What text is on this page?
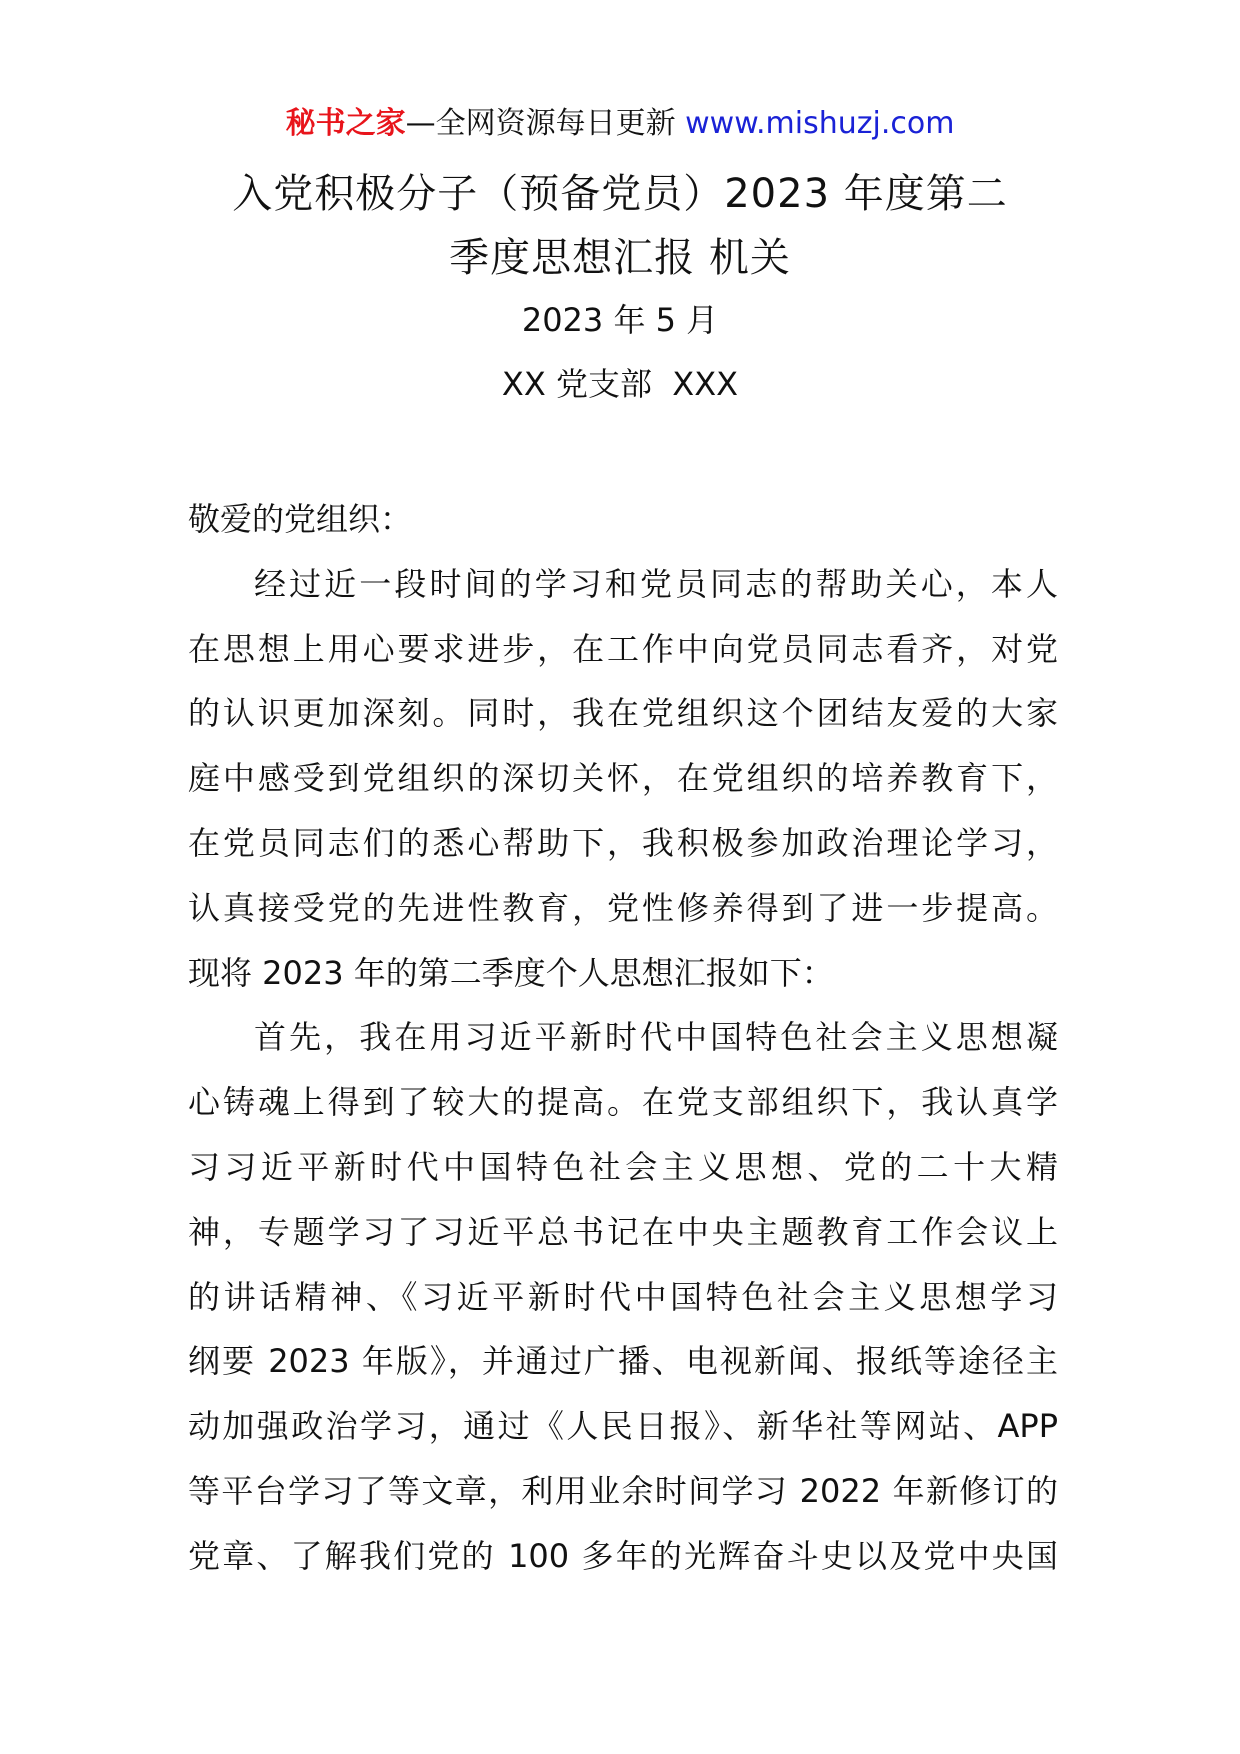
秘书之家—全网资源每日更新 www.mishuzj.com
入党积极分子（预备党员）2023 年度第二
季度思想汇报 机关
2023 年 5 月
XX 党支部  XXX
敬爱的党组织：
经过近一段时间的学习和党员同志的帮助关心，本人
在思想上用心要求进步，在工作中向党员同志看齐，对党
的认识更加深刻。同时，我在党组织这个团结友爱的大家
庭中感受到党组织的深切关怀，在党组织的培养教育下，
在党员同志们的悉心帮助下，我积极参加政治理论学习，
认真接受党的先进性教育，党性修养得到了进一步提高。
现将 2023 年的第二季度个人思想汇报如下：
首先，我在用习近平新时代中国特色社会主义思想凝
心铸魂上得到了较大的提高。在党支部组织下，我认真学
习习近平新时代中国特色社会主义思想、党的二十大精
神，专题学习了习近平总书记在中央主题教育工作会议上
的讲话精神、《习近平新时代中国特色社会主义思想学习
纲要 2023 年版》，并通过广播、电视新闻、报纸等途径主
动加强政治学习，通过《人民日报》、新华社等网站、APP
等平台学习了等文章，利用业余时间学习 2022 年新修订的
党章、了解我们党的 100 多年的光辉奋斗史以及党中央国
